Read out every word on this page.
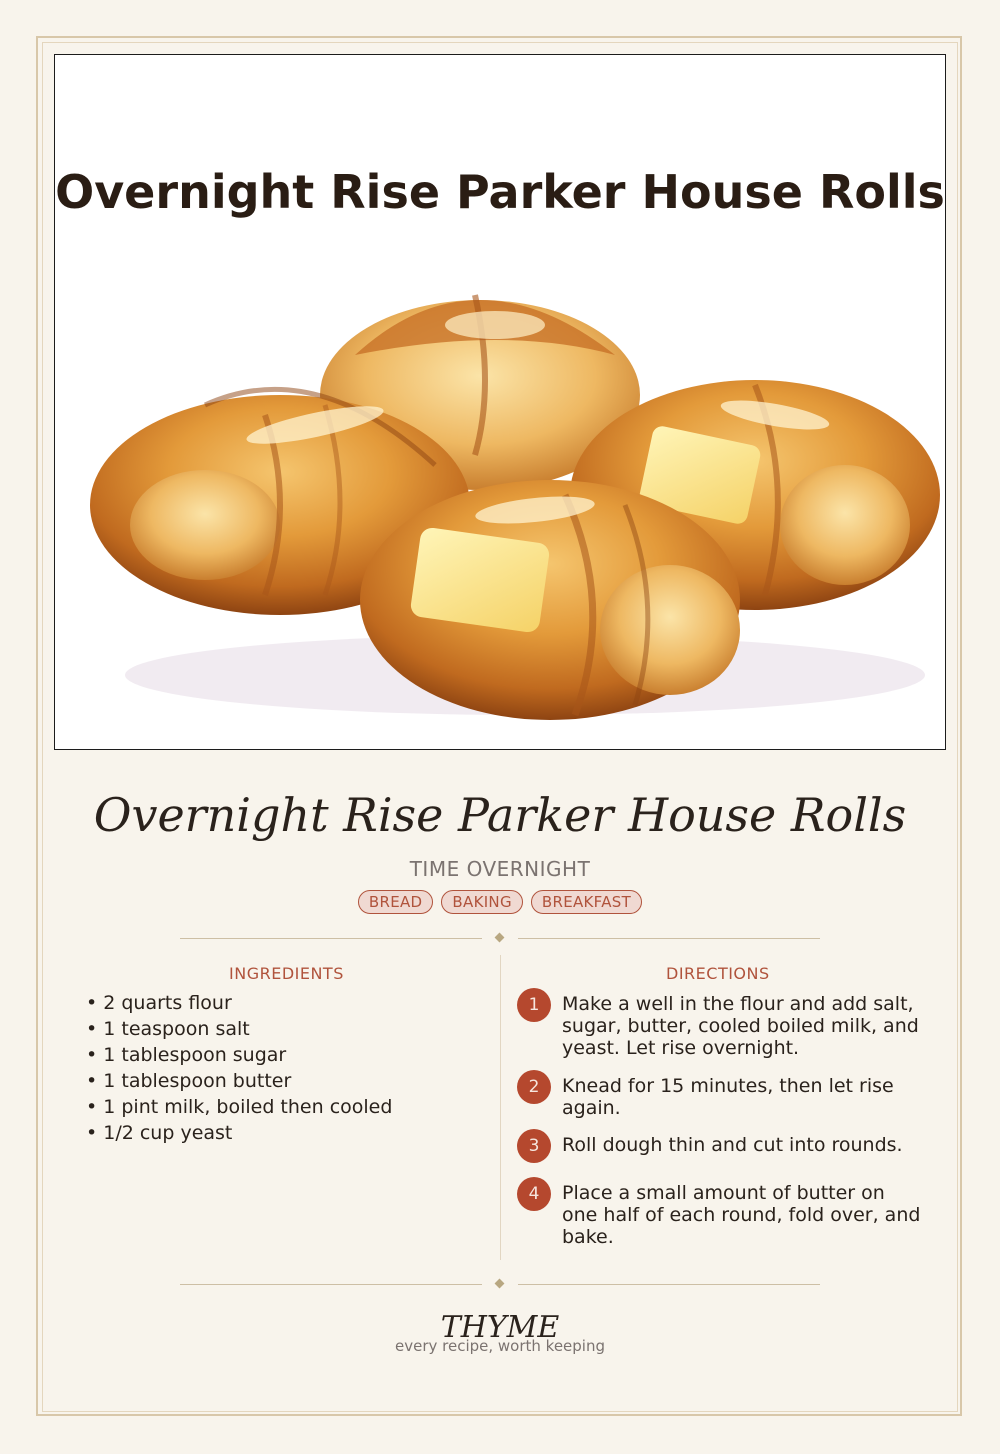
Overnight Rise Parker House Rolls
Overnight Rise Parker House Rolls
TIME OVERNIGHT
BREAD	BAKING	BREAKFAST
INGREDIENTS	DIRECTIONS
• 2 quarts flour
• 1 teaspoon salt
• 1 tablespoon sugar
• 1 tablespoon butter
• 1 pint milk, boiled then cooled
• 1/2 cup yeast
1	Make a well in the flour and add salt, sugar, butter, cooled boiled milk, and yeast. Let rise overnight.
2	Knead for 15 minutes, then let rise again.
3	Roll dough thin and cut into rounds.
4	Place a small amount of butter on one half of each round, fold over, and bake.
THYME
every recipe, worth keeping
